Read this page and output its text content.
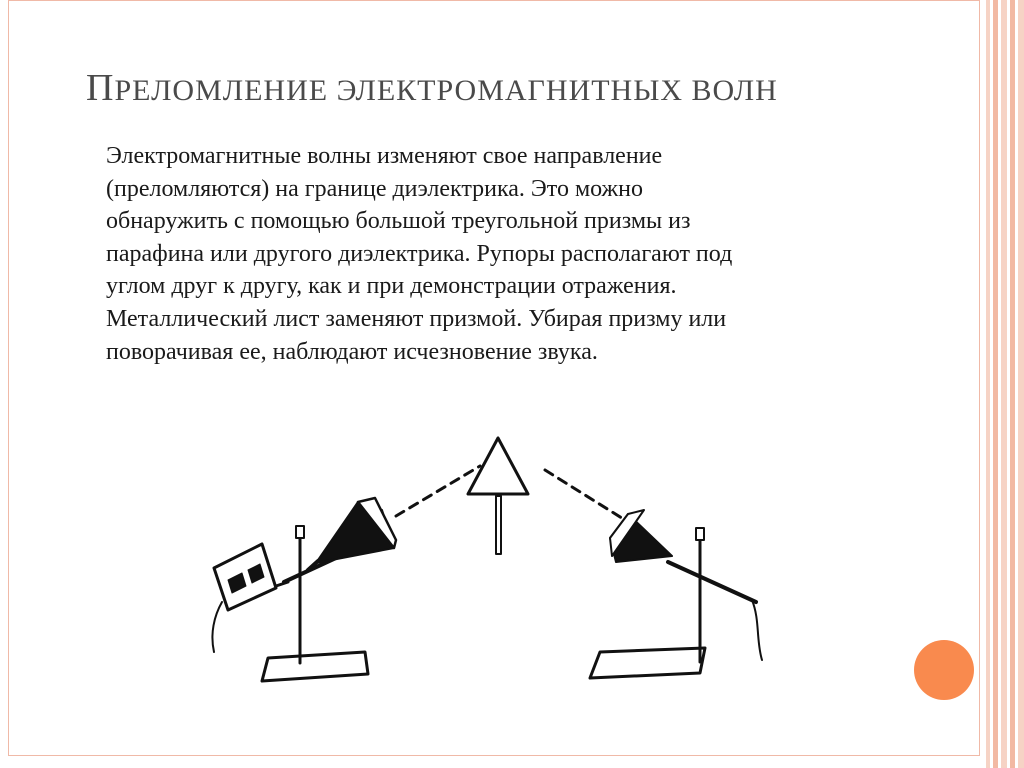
ПРЕЛОМЛЕНИЕ ЭЛЕКТРОМАГНИТНЫХ ВОЛН

Электромагнитные волны изменяют свое направление

(преломляются) на границе диэлектрика. Это можно

обнаружить с помощью большой треугольной призмы из

парафина или другого диэлектрика. Рупоры располагают под

углом друг к другу, как и при демонстрации отражения.

Металлический лист заменяют призмой. Убирая призму или

поворачивая ее, наблюдают исчезновение звука.
